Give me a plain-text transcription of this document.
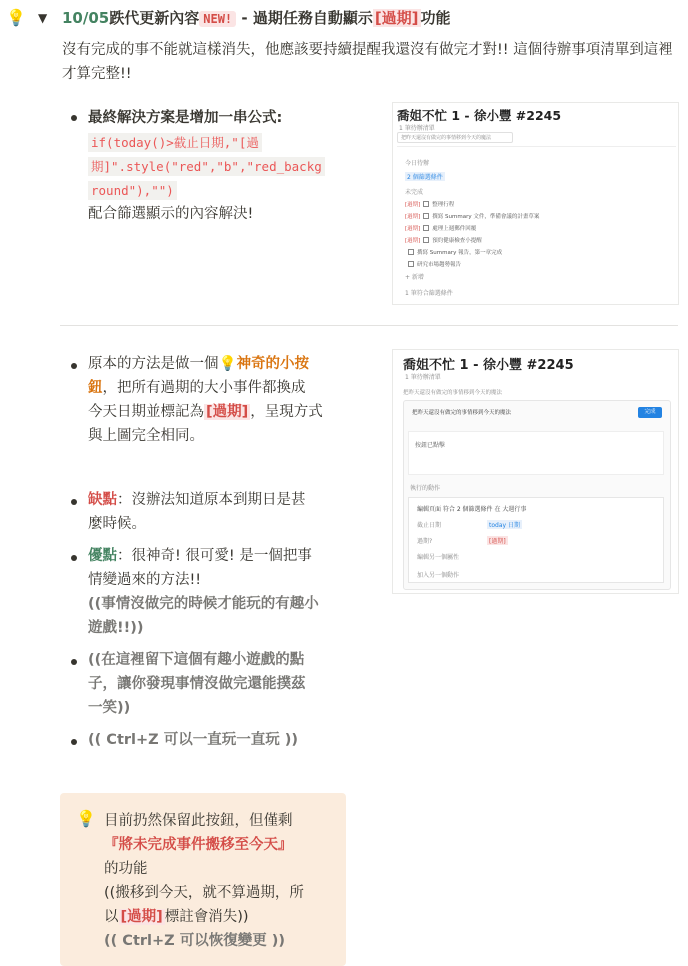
💡 ▼ 10/05跌代更新內容 NEW! - 過期任務自動顯示 [過期] 功能
沒有完成的事不能就這樣消失，他應該要持續提醒我還沒有做完才對!! 這個待辦事項清單到這裡才算完整!!
最終解決方案是增加一串公式:
if(today()>截止日期,"[過
期]".style("red","b","red_backg
round"),"")
配合篩選顯示的內容解決!
喬姐不忙 1 - 徐小豐 #2245
1 筆待辦清單
把昨天還沒有做完的事情移到今天的魔法
今日待辦
2 個篩選條件
未完成
[過期] 整理行程
[過期] 撰寫 Summary 文件，準備會議的計畫草案
[過期] 處理上週郵件回覆
[過期] 預約健康檢查小提醒
撰寫 Summary 報告，第一章完成
研究市場趨勢報告
+ 新增
1 筆符合篩選條件
原本的方法是做一個💡神奇的小按
鈕，把所有過期的大小事件都換成
今天日期並標記為 [過期] ，呈現方式
與上圖完全相同。
喬姐不忙 1 - 徐小豐 #2245
1 筆待辦清單
把昨天還沒有做完的事情移到今天的魔法
把昨天還沒有做完的事情移到今天的魔法	完成
按鈕已點擊
執行的動作
編輯頁面 符合 2 個篩選條件 在 大週行事
截止日期	today 日期
過期?	[過期]
編輯另一個屬性
加入另一個動作
缺點：沒辦法知道原本到期日是甚
麼時候。
優點：很神奇! 很可愛! 是一個把事
情變過來的方法!!
((事情沒做完的時候才能玩的有趣小
遊戲!!))
((在這裡留下這個有趣小遊戲的點
子，讓你發現事情沒做完還能撲茲
一笑))
(( Ctrl+Z 可以一直玩一直玩 ))
💡 目前扔然保留此按鈕，但僅剩
『將未完成事件搬移至今天』
的功能
((搬移到今天，就不算過期，所
以 [過期] 標註會消失))
(( Ctrl+Z 可以恢復變更 ))
